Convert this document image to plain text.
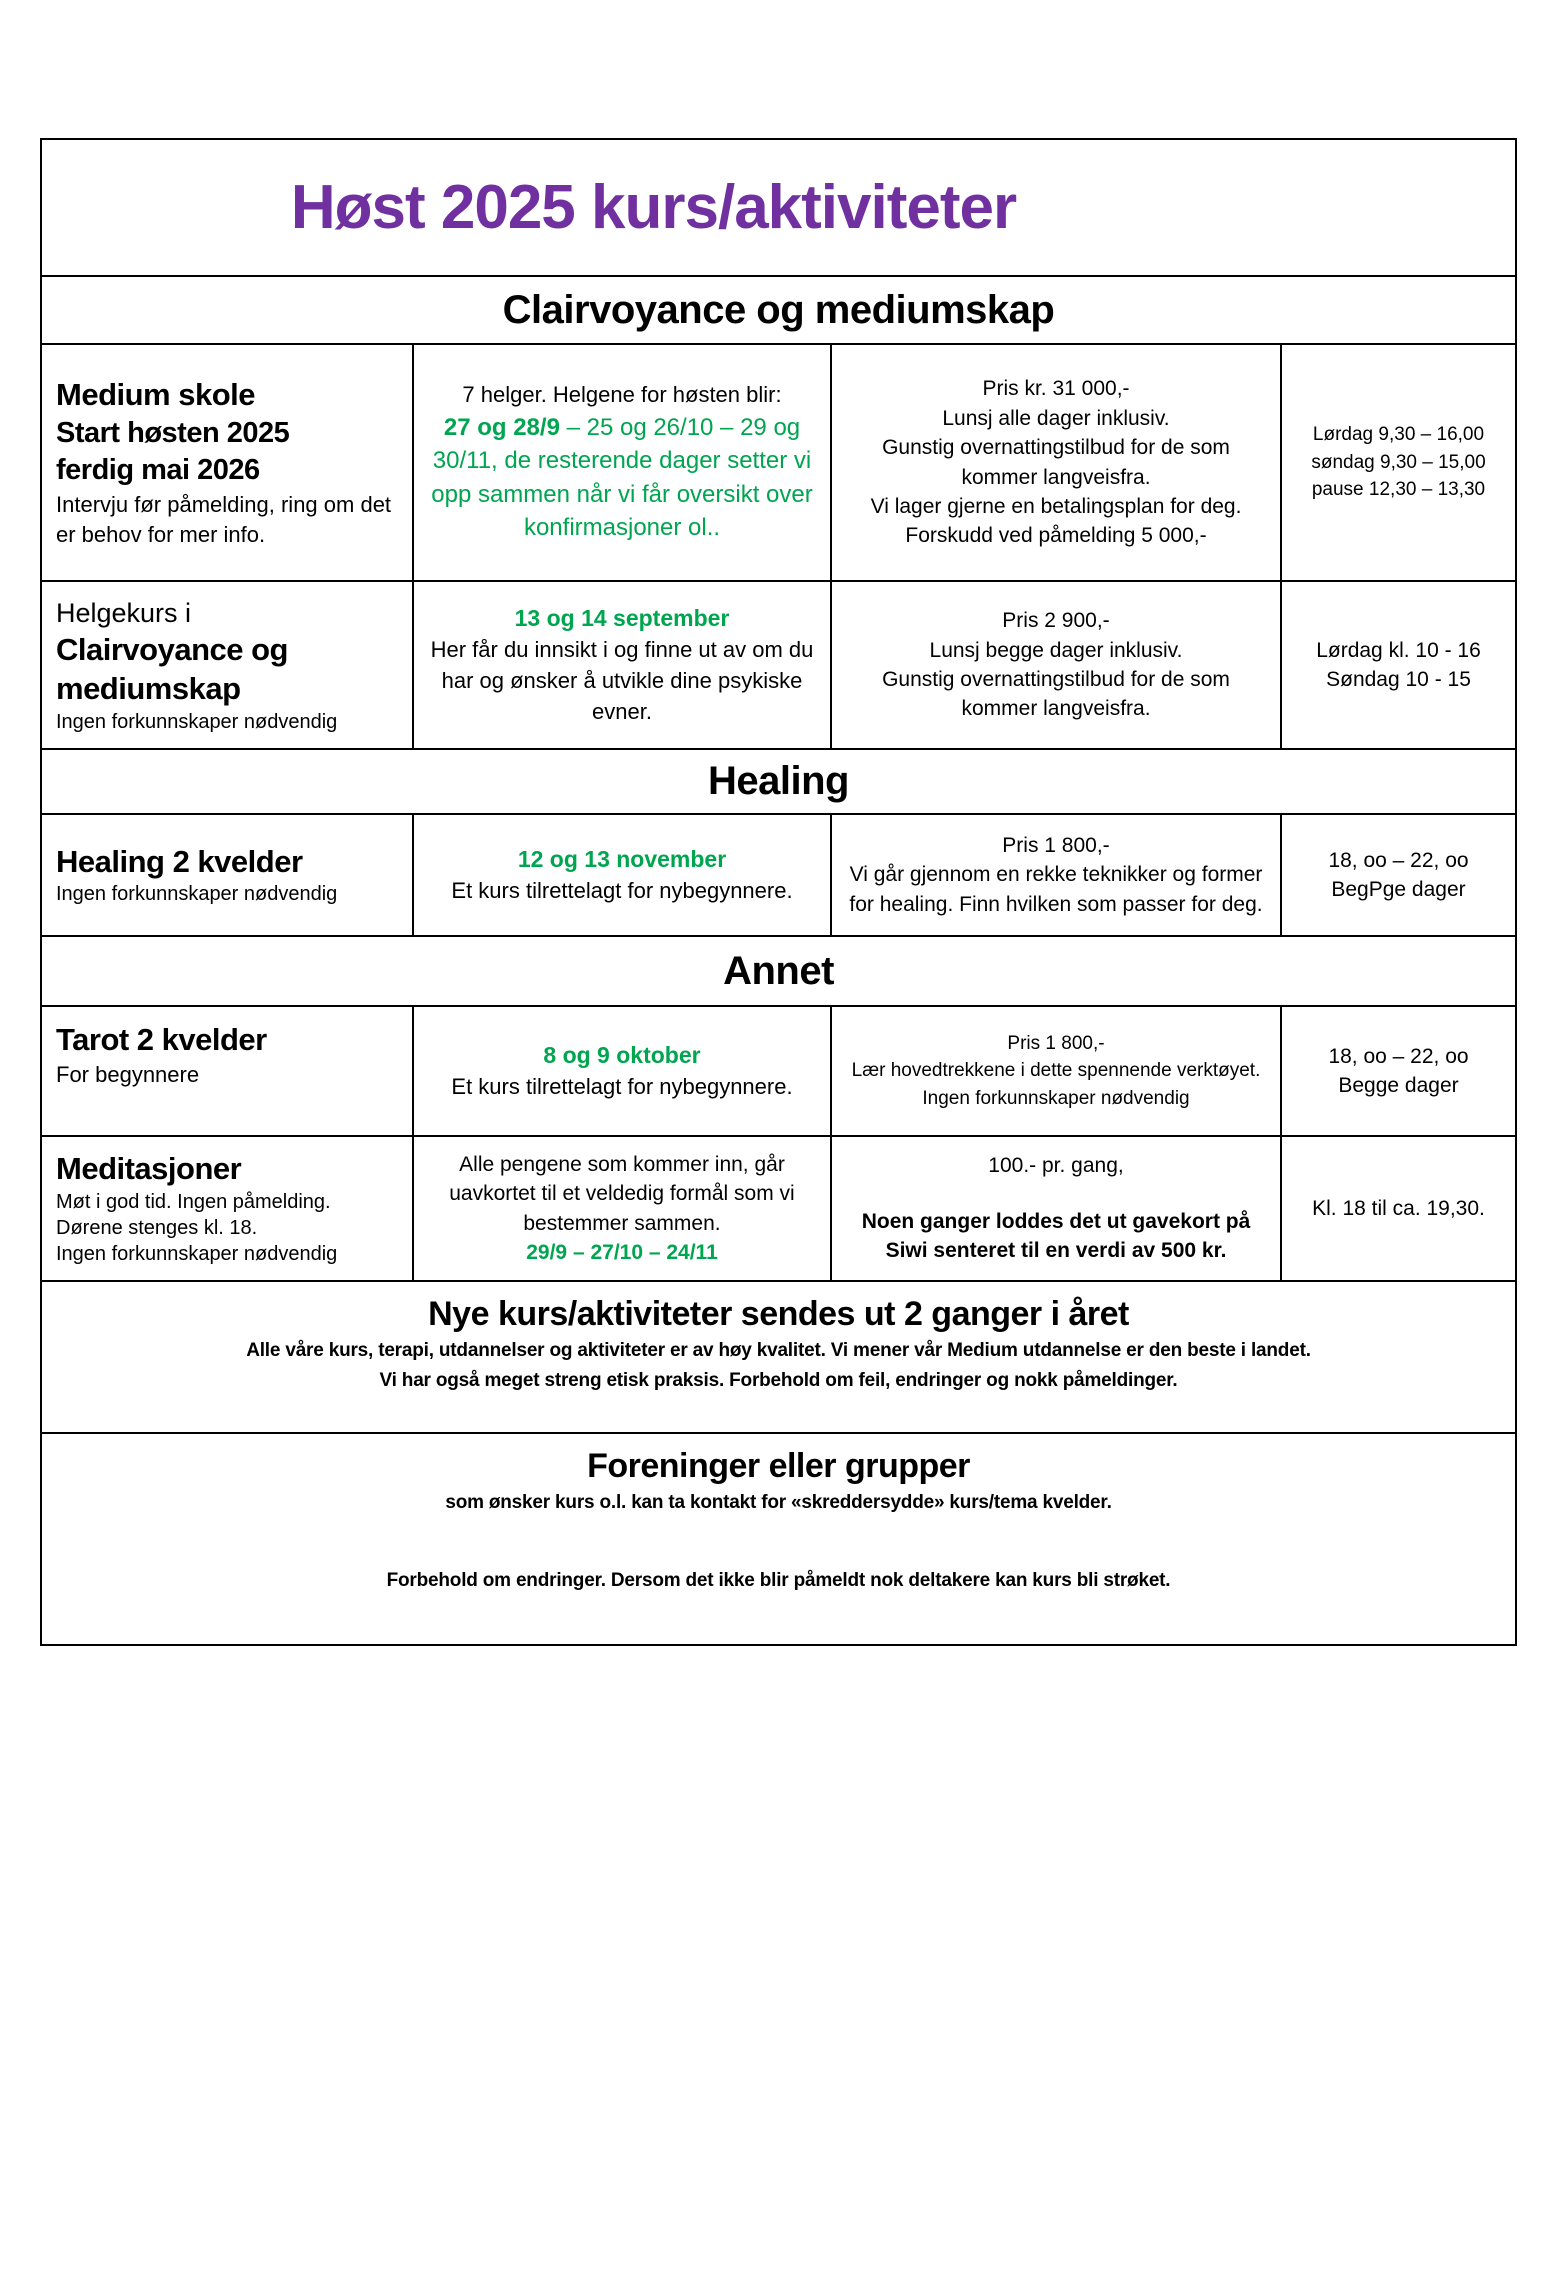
Høst 2025 kurs/aktiviteter
Clairvoyance og mediumskap
Medium skole
Start høsten 2025
ferdig mai 2026
Intervju før påmelding, ring om det er behov for mer info.
7 helger. Helgene for høsten blir:
27 og 28/9 – 25 og 26/10 – 29 og 30/11, de resterende dager setter vi opp sammen når vi får oversikt over konfirmasjoner ol..
Pris kr. 31 000,-
Lunsj alle dager inklusiv.
Gunstig overnattingstilbud for de som kommer langveisfra.
Vi lager gjerne en betalingsplan for deg.
Forskudd ved påmelding 5 000,-
Lørdag 9,30 – 16,00
søndag 9,30 – 15,00
pause 12,30 – 13,30
Helgekurs i
Clairvoyance og
mediumskap
Ingen forkunnskaper nødvendig
13 og 14 september
Her får du innsikt i og finne ut av om du har og ønsker å utvikle dine psykiske evner.
Pris 2 900,-
Lunsj begge dager inklusiv.
Gunstig overnattingstilbud for de som kommer langveisfra.
Lørdag kl. 10 - 16
Søndag 10 - 15
Healing
Healing 2 kvelder
Ingen forkunnskaper nødvendig
12 og 13 november
Et kurs tilrettelagt for nybegynnere.
Pris 1 800,-
Vi går gjennom en rekke teknikker og former for healing. Finn hvilken som passer for deg.
18, oo – 22, oo
BegPge dager
Annet
Tarot 2 kvelder
For begynnere
8 og 9 oktober
Et kurs tilrettelagt for nybegynnere.
Pris 1 800,-
Lær hovedtrekkene i dette spennende verktøyet.
Ingen forkunnskaper nødvendig
18, oo – 22, oo
Begge dager
Meditasjoner
Møt i god tid. Ingen påmelding.
Dørene stenges kl. 18.
Ingen forkunnskaper nødvendig
Alle pengene som kommer inn, går uavkortet til et veldedig formål som vi bestemmer sammen.
29/9 – 27/10 – 24/11
100.- pr. gang,
Noen ganger loddes det ut gavekort på
Siwi senteret til en verdi av 500 kr.
Kl. 18 til ca. 19,30.
Nye kurs/aktiviteter sendes ut 2 ganger i året
Alle våre kurs, terapi, utdannelser og aktiviteter er av høy kvalitet. Vi mener vår Medium utdannelse er den beste i landet.
Vi har også meget streng etisk praksis. Forbehold om feil, endringer og nokk påmeldinger.
Foreninger eller grupper
som ønsker kurs o.l. kan ta kontakt for «skreddersydde» kurs/tema kvelder.
Forbehold om endringer. Dersom det ikke blir påmeldt nok deltakere kan kurs bli strøket.
